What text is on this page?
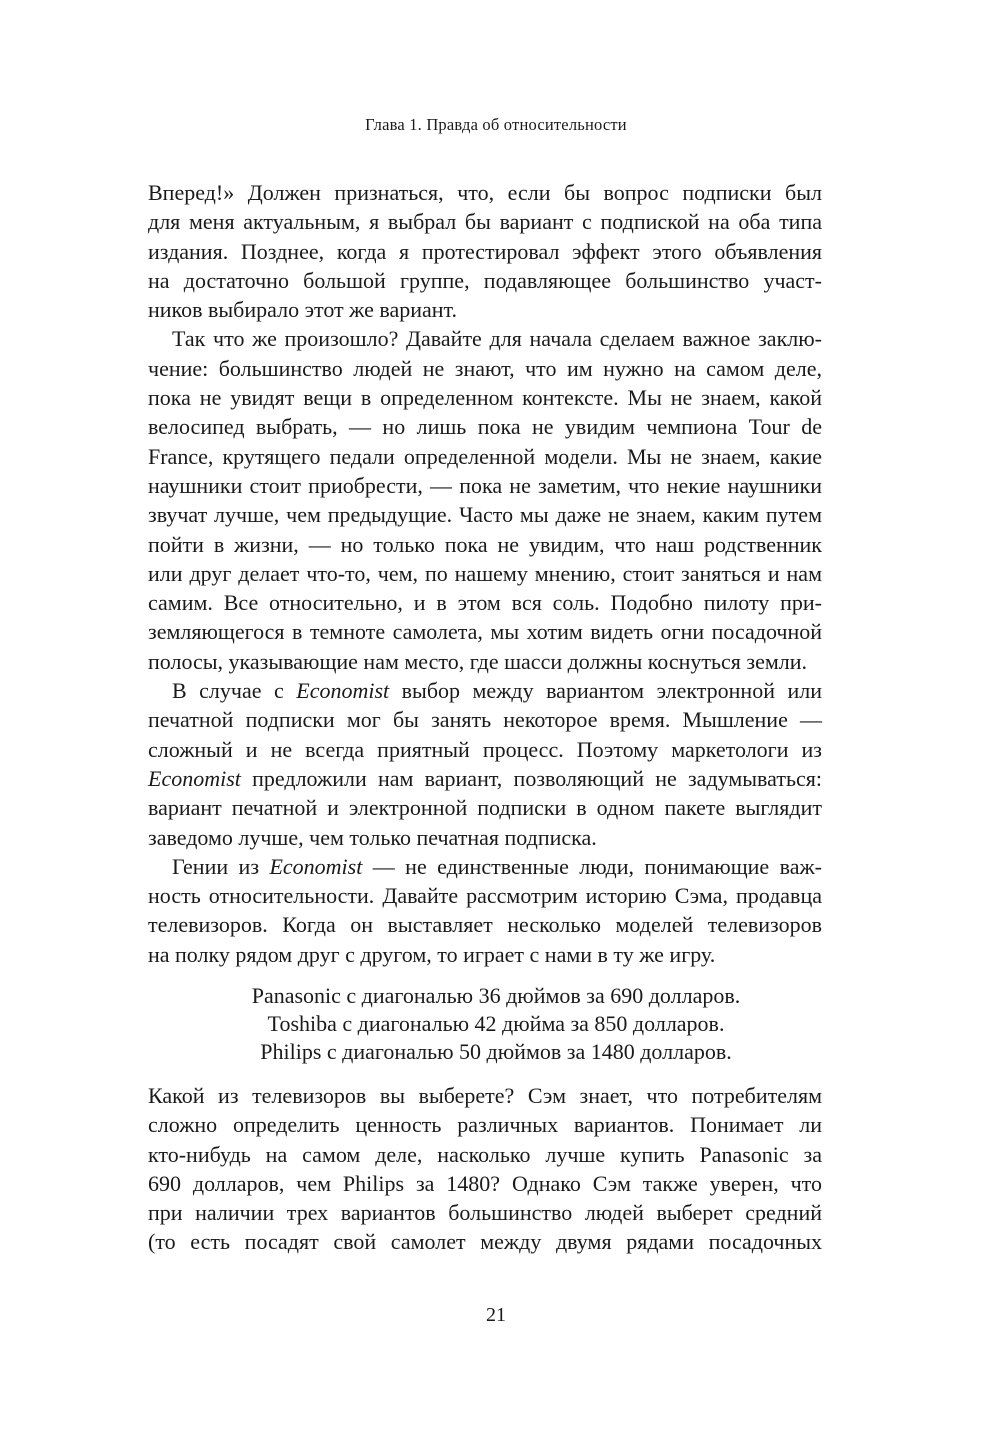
Глава 1. Правда об относительности
Вперед!» Должен признаться, что, если бы вопрос подписки был
для меня актуальным, я выбрал бы вариант с подпиской на оба типа
издания. Позднее, когда я протестировал эффект этого объявления
на достаточно большой группе, подавляющее большинство участ-
ников выбирало этот же вариант.
Так что же произошло? Давайте для начала сделаем важное заклю-
чение: большинство людей не знают, что им нужно на самом деле,
пока не увидят вещи в определенном контексте. Мы не знаем, какой
велосипед выбрать, — но лишь пока не увидим чемпиона Tour de
France, крутящего педали определенной модели. Мы не знаем, какие
наушники стоит приобрести, — пока не заметим, что некие наушники
звучат лучше, чем предыдущие. Часто мы даже не знаем, каким путем
пойти в жизни, — но только пока не увидим, что наш родственник
или друг делает что-то, чем, по нашему мнению, стоит заняться и нам
самим. Все относительно, и в этом вся соль. Подобно пилоту при-
земляющегося в темноте самолета, мы хотим видеть огни посадочной
полосы, указывающие нам место, где шасси должны коснуться земли.
В случае с Economist выбор между вариантом электронной или
печатной подписки мог бы занять некоторое время. Мышление —
сложный и не всегда приятный процесс. Поэтому маркетологи из
Economist предложили нам вариант, позволяющий не задумываться:
вариант печатной и электронной подписки в одном пакете выглядит
заведомо лучше, чем только печатная подписка.
Гении из Economist — не единственные люди, понимающие важ-
ность относительности. Давайте рассмотрим историю Сэма, продавца
телевизоров. Когда он выставляет несколько моделей телевизоров
на полку рядом друг с другом, то играет с нами в ту же игру.
Panasonic с диагональю 36 дюймов за 690 долларов.
Toshiba с диагональю 42 дюйма за 850 долларов.
Philips с диагональю 50 дюймов за 1480 долларов.
Какой из телевизоров вы выберете? Сэм знает, что потребителям
сложно определить ценность различных вариантов. Понимает ли
кто-нибудь на самом деле, насколько лучше купить Panasonic за
690 долларов, чем Philips за 1480? Однако Сэм также уверен, что
при наличии трех вариантов большинство людей выберет средний
(то есть посадят свой самолет между двумя рядами посадочных
21
